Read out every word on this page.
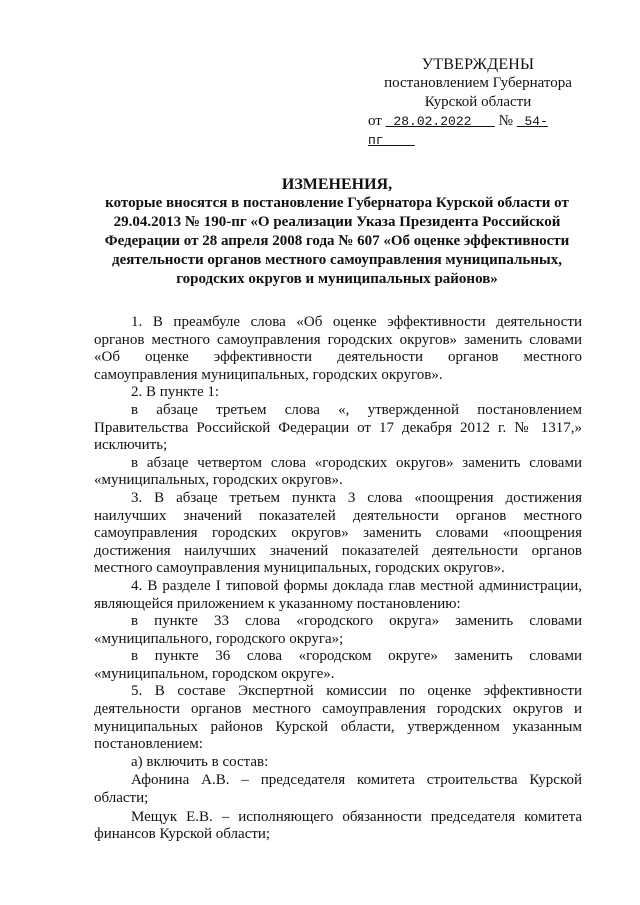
УТВЕРЖДЕНЫ
постановлением Губернатора
Курской области
от 28.02.2022 № 54-пг
ИЗМЕНЕНИЯ,
которые вносятся в постановление Губернатора Курской области от 29.04.2013 № 190-пг «О реализации Указа Президента Российской Федерации от 28 апреля 2008 года № 607 «Об оценке эффективности деятельности органов местного самоуправления муниципальных, городских округов и муниципальных районов»

1. В преамбуле слова «Об оценке эффективности деятельности органов местного самоуправления городских округов» заменить словами «Об оценке эффективности деятельности органов местного самоуправления муниципальных, городских округов».

2. В пункте 1:

в абзаце третьем слова «, утвержденной постановлением Правительства Российской Федерации от 17 декабря 2012 г. № 1317,» исключить;

в абзаце четвертом слова «городских округов» заменить словами «муниципальных, городских округов».

3. В абзаце третьем пункта 3 слова «поощрения достижения наилучших значений показателей деятельности органов местного самоуправления городских округов» заменить словами «поощрения достижения наилучших значений показателей деятельности органов местного самоуправления муниципальных, городских округов».

4. В разделе I типовой формы доклада глав местной администрации, являющейся приложением к указанному постановлению:

в пункте 33 слова «городского округа» заменить словами «муниципального, городского округа»;

в пункте 36 слова «городском округе» заменить словами «муниципальном, городском округе».

5. В составе Экспертной комиссии по оценке эффективности деятельности органов местного самоуправления городских округов и муниципальных районов Курской области, утвержденном указанным постановлением:

а) включить в состав:

Афонина А.В. – председателя комитета строительства Курской области;

Мещук Е.В. – исполняющего обязанности председателя комитета финансов Курской области;
